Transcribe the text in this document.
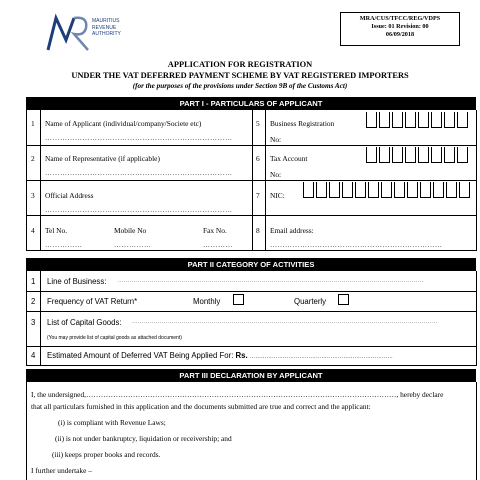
MAURITIUS
REVENUE
AUTHORITY
MRA/CUS/TFCC/REG/VDPS
Issue: 01 Revision: 00
06/09/2018
APPLICATION FOR REGISTRATION
UNDER THE VAT DEFERRED PAYMENT SCHEME BY VAT REGISTERED IMPORTERS
(for the purposes of the provisions under Section 9B of the Customs Act)
PART I - PARTICULARS OF APPLICANT
1 Name of Applicant (individual/company/Societe etc)
…………………………………………………………………
5 Business Registration
No:
2 Name of Representative (if applicable)
…………………………………………………………………
6 Tax Account
No:
3 Official Address
…………………………………………………………………
7 NIC:
4 Tel No.	Mobile No	Fax No.
……………	……………	…………
8 Email address:
……………………………………………………………
PART II CATEGORY OF ACTIVITIES
1 Line of Business: ………………………………………………………………………………………………………………………………………
2 Frequency of VAT Return*	Monthly	Quarterly
3 List of Capital Goods: ………………………………………………………………………………………………………………………………………
(You may provide list of capital goods as attached document)
4 Estimated Amount of Deferred VAT Being Applied For: Rs. ……………………………………………………………………
PART III DECLARATION BY APPLICANT
I, the undersigned,………………………………………………………………………………………………………………, hereby declare
that all particulars furnished in this application and the documents submitted are true and correct and the applicant:
(i) is compliant with Revenue Laws;
(ii) is not under bankruptcy, liquidation or receivership; and
(iii) keeps proper books and records.
I further undertake –
